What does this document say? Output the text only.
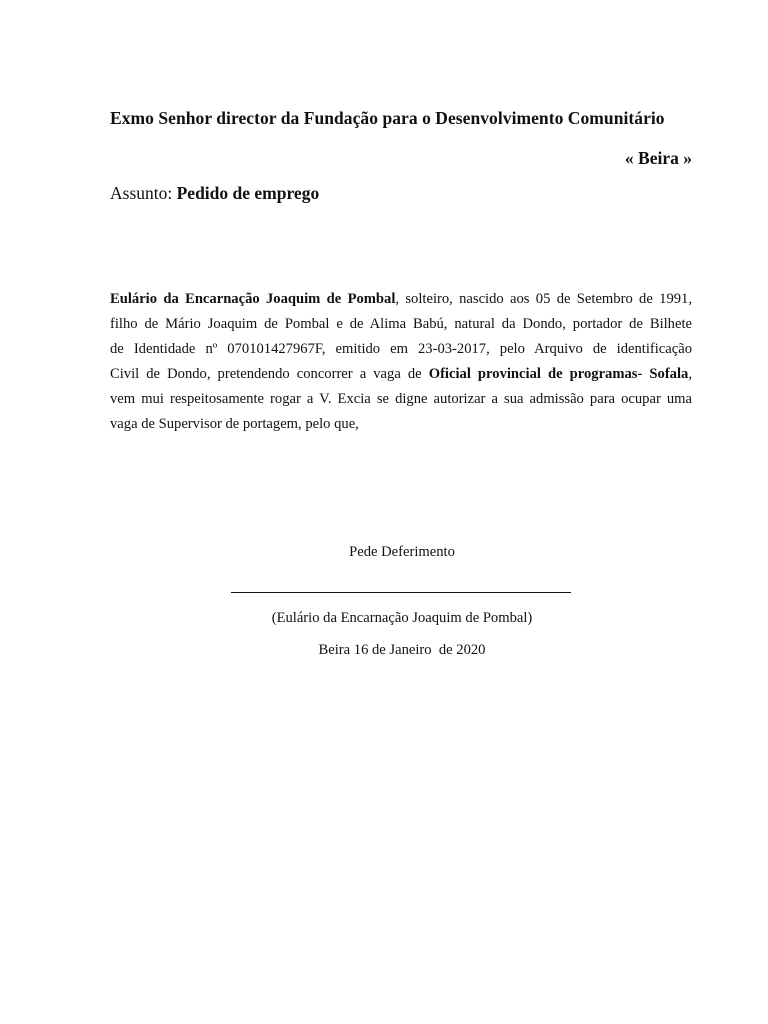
Exmo Senhor director da Fundação para o Desenvolvimento Comunitário
« Beira »
Assunto: Pedido de emprego
Eulário da Encarnação Joaquim de Pombal, solteiro, nascido aos 05 de Setembro de 1991,
filho de Mário Joaquim de Pombal e de Alima Babú, natural da Dondo, portador de Bilhete
de Identidade nº 070101427967F, emitido em 23-03-2017, pelo Arquivo de identificação
Civil de Dondo, pretendendo concorrer a vaga de Oficial provincial de programas- Sofala,
vem mui respeitosamente rogar a V. Excia se digne autorizar a sua admissão para ocupar uma
vaga de Supervisor de portagem, pelo que,
Pede Deferimento
(Eulário da Encarnação Joaquim de Pombal)
Beira 16 de Janeiro  de 2020
